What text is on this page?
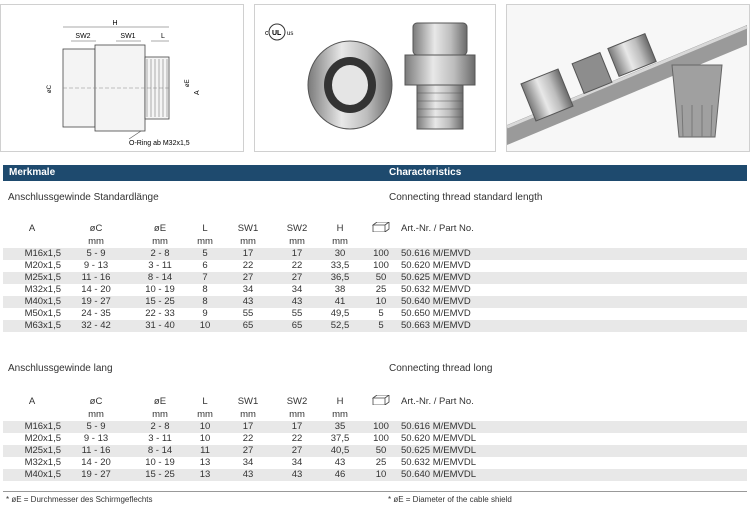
H
SW2	SW1	L
øC
øE
A
O-Ring ab M32x1,5
c UL us
Merkmale	Characteristics
Anschlussgewinde Standardlänge	Connecting thread standard length
A	øC	øE	L	SW1	SW2	H		Art.-Nr. / Part No.
	mm	mm	mm	mm	mm	mm		
M16x1,5	5 - 9	2 - 8	5	17	17	30	100	50.616 M/EMVD
M20x1,5	9 - 13	3 - 11	6	22	22	33,5	100	50.620 M/EMVD
M25x1,5	11 - 16	8 - 14	7	27	27	36,5	50	50.625 M/EMVD
M32x1,5	14 - 20	10 - 19	8	34	34	38	25	50.632 M/EMVD
M40x1,5	19 - 27	15 - 25	8	43	43	41	10	50.640 M/EMVD
M50x1,5	24 - 35	22 - 33	9	55	55	49,5	5	50.650 M/EMVD
M63x1,5	32 - 42	31 - 40	10	65	65	52,5	5	50.663 M/EMVD
Anschlussgewinde lang	Connecting thread long
A	øC	øE	L	SW1	SW2	H		Art.-Nr. / Part No.
	mm	mm	mm	mm	mm	mm		
M16x1,5	5 - 9	2 - 8	10	17	17	35	100	50.616 M/EMVDL
M20x1,5	9 - 13	3 - 11	10	22	22	37,5	100	50.620 M/EMVDL
M25x1,5	11 - 16	8 - 14	11	27	27	40,5	50	50.625 M/EMVDL
M32x1,5	14 - 20	10 - 19	13	34	34	43	25	50.632 M/EMVDL
M40x1,5	19 - 27	15 - 25	13	43	43	46	10	50.640 M/EMVDL
* øE = Durchmesser des Schirmgeflechts	* øE = Diameter of the cable shield
